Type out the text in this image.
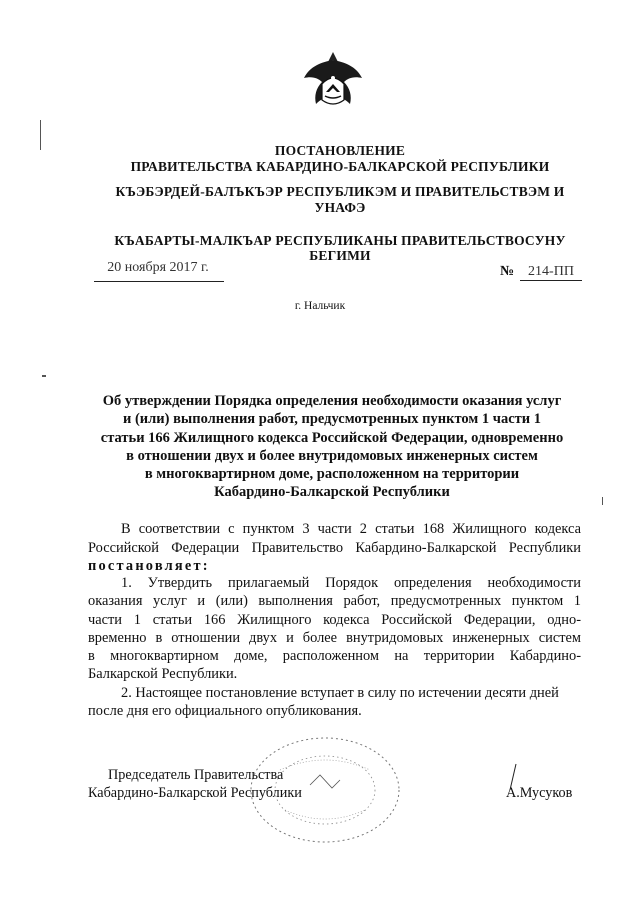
ПОСТАНОВЛЕНИЕ
ПРАВИТЕЛЬСТВА КАБАРДИНО-БАЛКАРСКОЙ РЕСПУБЛИКИ
КЪЭБЭРДЕЙ-БАЛЪКЪЭР РЕСПУБЛИКЭМ И ПРАВИТЕЛЬСТВЭМ И
УНАФЭ
КЪАБАРТЫ-МАЛКЪАР РЕСПУБЛИКАНЫ ПРАВИТЕЛЬСТВОСУНУ
БЕГИМИ
20 ноября 2017 г.	№ 214-ПП
г. Нальчик
Об утверждении Порядка определения необходимости оказания услуг
и (или) выполнения работ, предусмотренных пунктом 1 части 1
статьи 166 Жилищного кодекса Российской Федерации, одновременно
в отношении двух и более внутридомовых инженерных систем
в многоквартирном доме, расположенном на территории
Кабардино-Балкарской Республики
В соответствии с пунктом 3 части 2 статьи 168 Жилищного кодекса
Российской Федерации Правительство Кабардино-Балкарской Республики
постановляет:
1. Утвердить прилагаемый Порядок определения необходимости
оказания услуг и (или) выполнения работ, предусмотренных пунктом 1
части 1 статьи 166 Жилищного кодекса Российской Федерации, одно-
временно в отношении двух и более внутридомовых инженерных систем
в многоквартирном доме, расположенном на территории Кабардино-
Балкарской Республики.
2. Настоящее постановление вступает в силу по истечении десяти дней
после дня его официального опубликования.
Председатель Правительства
Кабардино-Балкарской Республики	А.Мусуков
